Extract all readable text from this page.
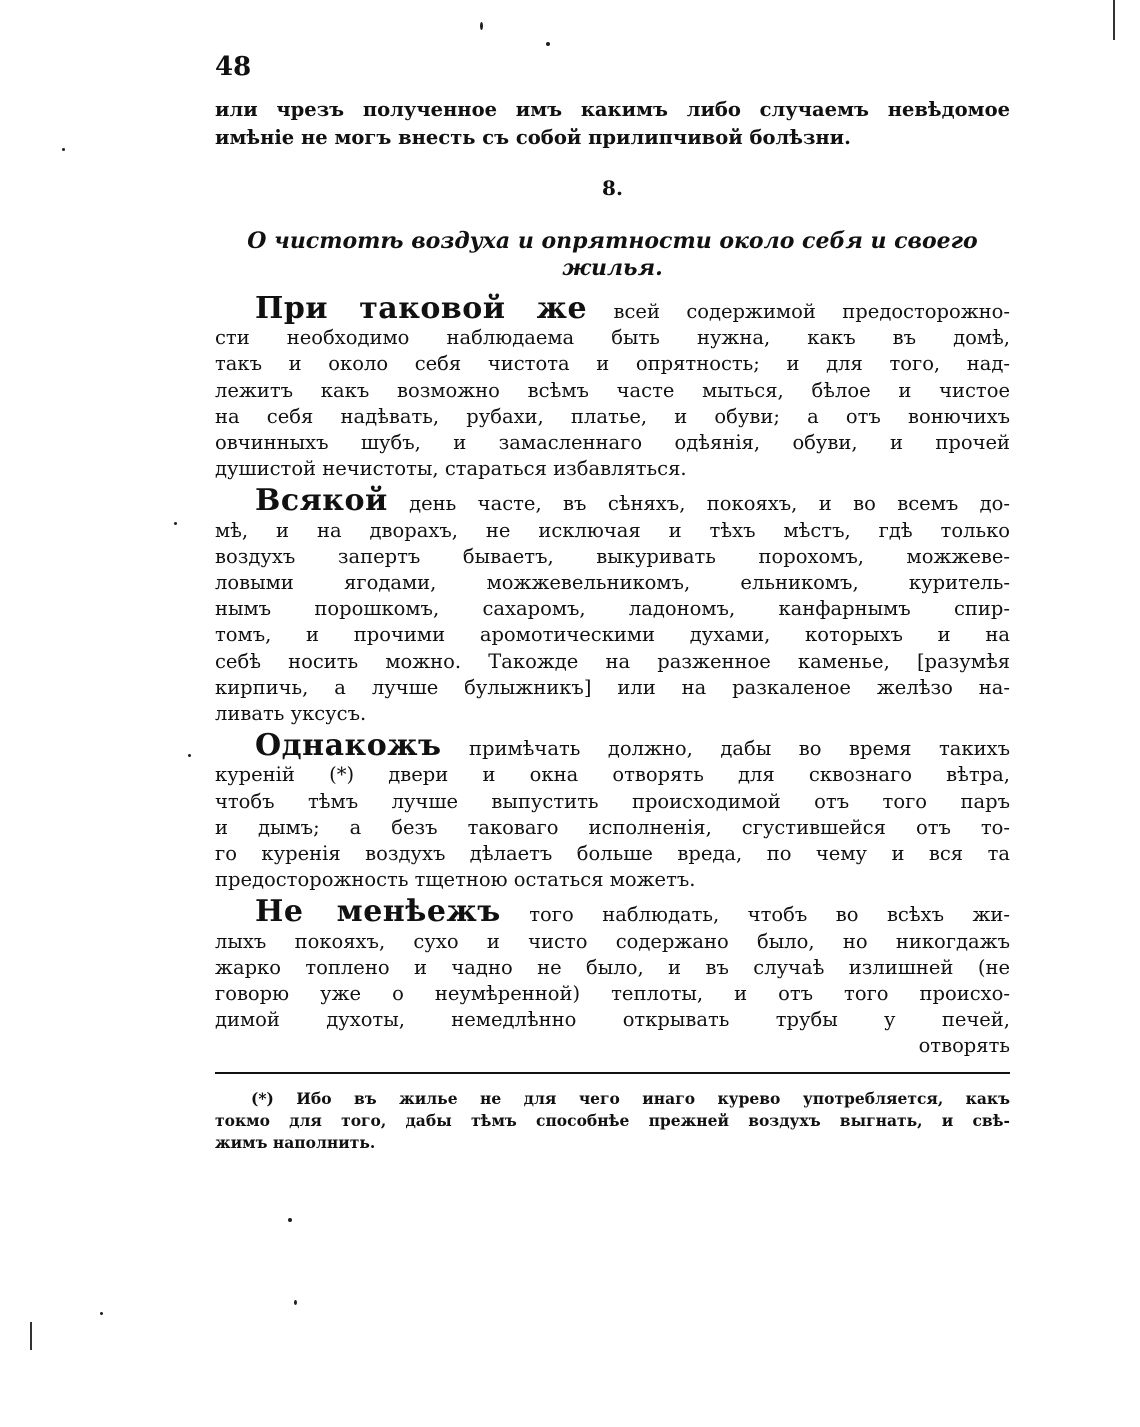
48
или чрезъ полученное имъ какимъ либо случаемъ невѣдомое
имѣніе не могъ внесть съ собой прилипчивой болѣзни.
8.
О чистотѣ воздуха и опрятности около себя и своего
жилья.
При таковой же всей содержимой предосторожно-
сти необходимо наблюдаема быть нужна, какъ въ домѣ,
такъ и около себя чистота и опрятность; и для того, над-
лежитъ какъ возможно всѣмъ часте мыться, бѣлое и чистое
на себя надѣвать, рубахи, платье, и обуви; а отъ вонючихъ
овчинныхъ шубъ, и замасленнаго одѣянія, обуви, и прочей
душистой нечистоты, стараться избавляться.
Всякой день часте, въ сѣняхъ, покояхъ, и во всемъ до-
мѣ, и на дворахъ, не исключая и тѣхъ мѣстъ, гдѣ только
воздухъ запертъ бываетъ, выкуривать порохомъ, можжеве-
ловыми ягодами, можжевельникомъ, ельникомъ, куритель-
нымъ порошкомъ, сахаромъ, ладономъ, канфарнымъ спир-
томъ, и прочими аромотическими духами, которыхъ и на
себѣ носить можно. Такожде на разженное каменье, [разумѣя
кирпичь, а лучше булыжникъ] или на разкаленое желѣзо на-
ливать уксусъ.
Однакожъ примѣчать должно, дабы во время такихъ
куреній (*) двери и окна отворять для сквознаго вѣтра,
чтобъ тѣмъ лучше выпустить происходимой отъ того паръ
и дымъ; а безъ таковаго исполненія, сгустившейся отъ то-
го куренія воздухъ дѣлаетъ больше вреда, по чему и вся та
предосторожность тщетною остаться можетъ.
Не менѣежъ того наблюдать, чтобъ во всѣхъ жи-
лыхъ покояхъ, сухо и чисто содержано было, но никогдажъ
жарко топлено и чадно не было, и въ случаѣ излишней (не
говорю уже о неумѣренной) теплоты, и отъ того происхо-
димой духоты, немедлѣнно открывать трубы у печей,
отворять
(*) Ибо въ жилье не для чего инаго курево употребляется, какъ
токмо для того, дабы тѣмъ способнѣе прежней воздухъ выгнать, и свѣ-
жимъ наполнить.
